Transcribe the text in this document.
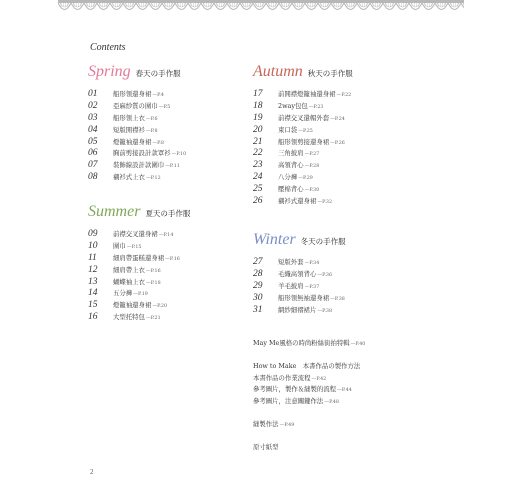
Contents
Spring 春天の手作服
01	船形領還身裙 —P.4
02	亞麻紗質の圍巾 —P.5
03	船形領上衣 —P.6
04	短版開襟衫 —P.8
05	燈籠袖還身裙 —P.8
06	胸前剪接設計款罩衫 —P.10
07	裝飾線設計款圍巾 —P.11
08	襯衫式上衣 —P.12
Summer 夏天の手作服
09	前襟交叉還身裙 —P.14
10	圍巾 —P.15
11	細肩帶蛋糕還身裙 —P.16
12	細肩帶上衣 —P.16
13	蝴蝶袖上衣 —P.18
14	五分褲 —P.19
15	燈籠袖還身裙 —P.20
16	大型托特包 —P.21
Autumn 秋天の手作服
17	前開襟燈籠袖還身裙 —P.22
18	2way包包 —P.23
19	前襟交叉還帽外套 —P.24
20	束口袋 —P.25
21	船形領剪接還身裙 —P.26
22	三角披肩 —P.27
23	高領背心 —P.28
24	八分褲 —P.29
25	壓棉背心 —P.30
26	襯衫式還身裙 —P.32
Winter 冬天の手作服
27	短版外套 —P.34
28	毛織高領背心 —P.36
29	羊毛披肩 —P.37
30	船形領無袖還身裙 —P.38
31	網紗細褶裙片 —P.38
May Me風格の時尚粉絲街拍特輯—P.40
How to Make　本書作品の製作方法
本書作品の作業流程—P.42
參考圖片，製作＆縫製的流程—P.44
參考圖片，注意關鍵作法—P.48
縫製作法—P.49
原寸紙型
2
